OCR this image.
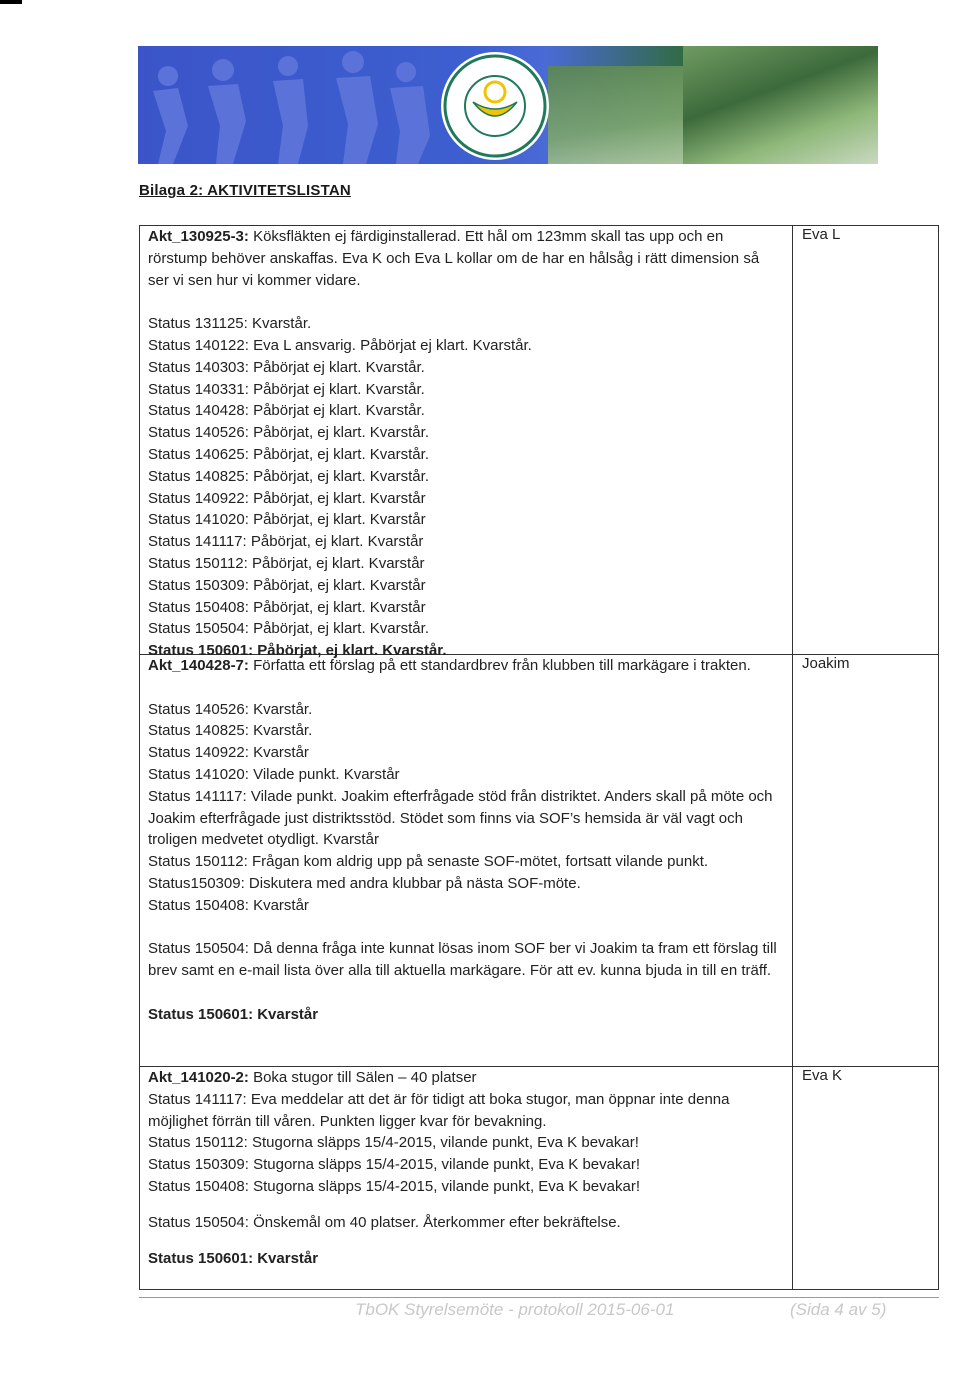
Bilaga 2: AKTIVITETSLISTAN
Akt_130925-3: Köksfläkten ej färdiginstallerad. Ett hål om 123mm skall tas upp och en rörstump behöver anskaffas. Eva K och Eva L kollar om de har en hålsåg i rätt dimension så ser vi sen hur vi kommer vidare.
Status 131125: Kvarstår.
Status 140122: Eva L ansvarig. Påbörjat ej klart. Kvarstår.
Status 140303: Påbörjat ej klart. Kvarstår.
Status 140331: Påbörjat ej klart. Kvarstår.
Status 140428: Påbörjat ej klart. Kvarstår.
Status 140526: Påbörjat, ej klart. Kvarstår.
Status 140625: Påbörjat, ej klart. Kvarstår.
Status 140825: Påbörjat, ej klart. Kvarstår.
Status 140922: Påbörjat, ej klart. Kvarstår
Status 141020: Påbörjat, ej klart. Kvarstår
Status 141117: Påbörjat, ej klart. Kvarstår
Status 150112: Påbörjat, ej klart. Kvarstår
Status 150309: Påbörjat, ej klart. Kvarstår
Status 150408: Påbörjat, ej klart. Kvarstår
Status 150504: Påbörjat, ej klart. Kvarstår.
Status 150601: Påbörjat, ej klart. Kvarstår.
Eva L
Akt_140428-7: Författa ett förslag på ett standardbrev från klubben till markägare i trakten.
Status 140526: Kvarstår.
Status 140825: Kvarstår.
Status 140922: Kvarstår
Status 141020: Vilade punkt. Kvarstår
Status 141117: Vilade punkt. Joakim efterfrågade stöd från distriktet. Anders skall på möte och Joakim efterfrågade just distriktsstöd. Stödet som finns via SOF’s hemsida är väl vagt och troligen medvetet otydligt. Kvarstår
Status 150112: Frågan kom aldrig upp på senaste SOF-mötet, fortsatt vilande punkt.
Status150309: Diskutera med andra klubbar på nästa SOF-möte.
Status 150408: Kvarstår
Status 150504: Då denna fråga inte kunnat lösas inom SOF ber vi Joakim ta fram ett förslag till brev samt en e-mail lista över alla till aktuella markägare. För att ev. kunna bjuda in till en träff.
Status 150601: Kvarstår
Joakim
Akt_141020-2: Boka stugor till Sälen – 40 platser
Status 141117: Eva meddelar att det är för tidigt att boka stugor, man öppnar inte denna möjlighet förrän till våren. Punkten ligger kvar för bevakning.
Status 150112: Stugorna släpps 15/4-2015, vilande punkt, Eva K bevakar!
Status 150309: Stugorna släpps 15/4-2015, vilande punkt, Eva K bevakar!
Status 150408: Stugorna släpps 15/4-2015, vilande punkt, Eva K bevakar!
Status 150504: Önskemål om 40 platser. Återkommer efter bekräftelse.
Status 150601: Kvarstår
Eva K
TbOK Styrelsemöte - protokoll 2015-06-01	(Sida 4 av 5)
